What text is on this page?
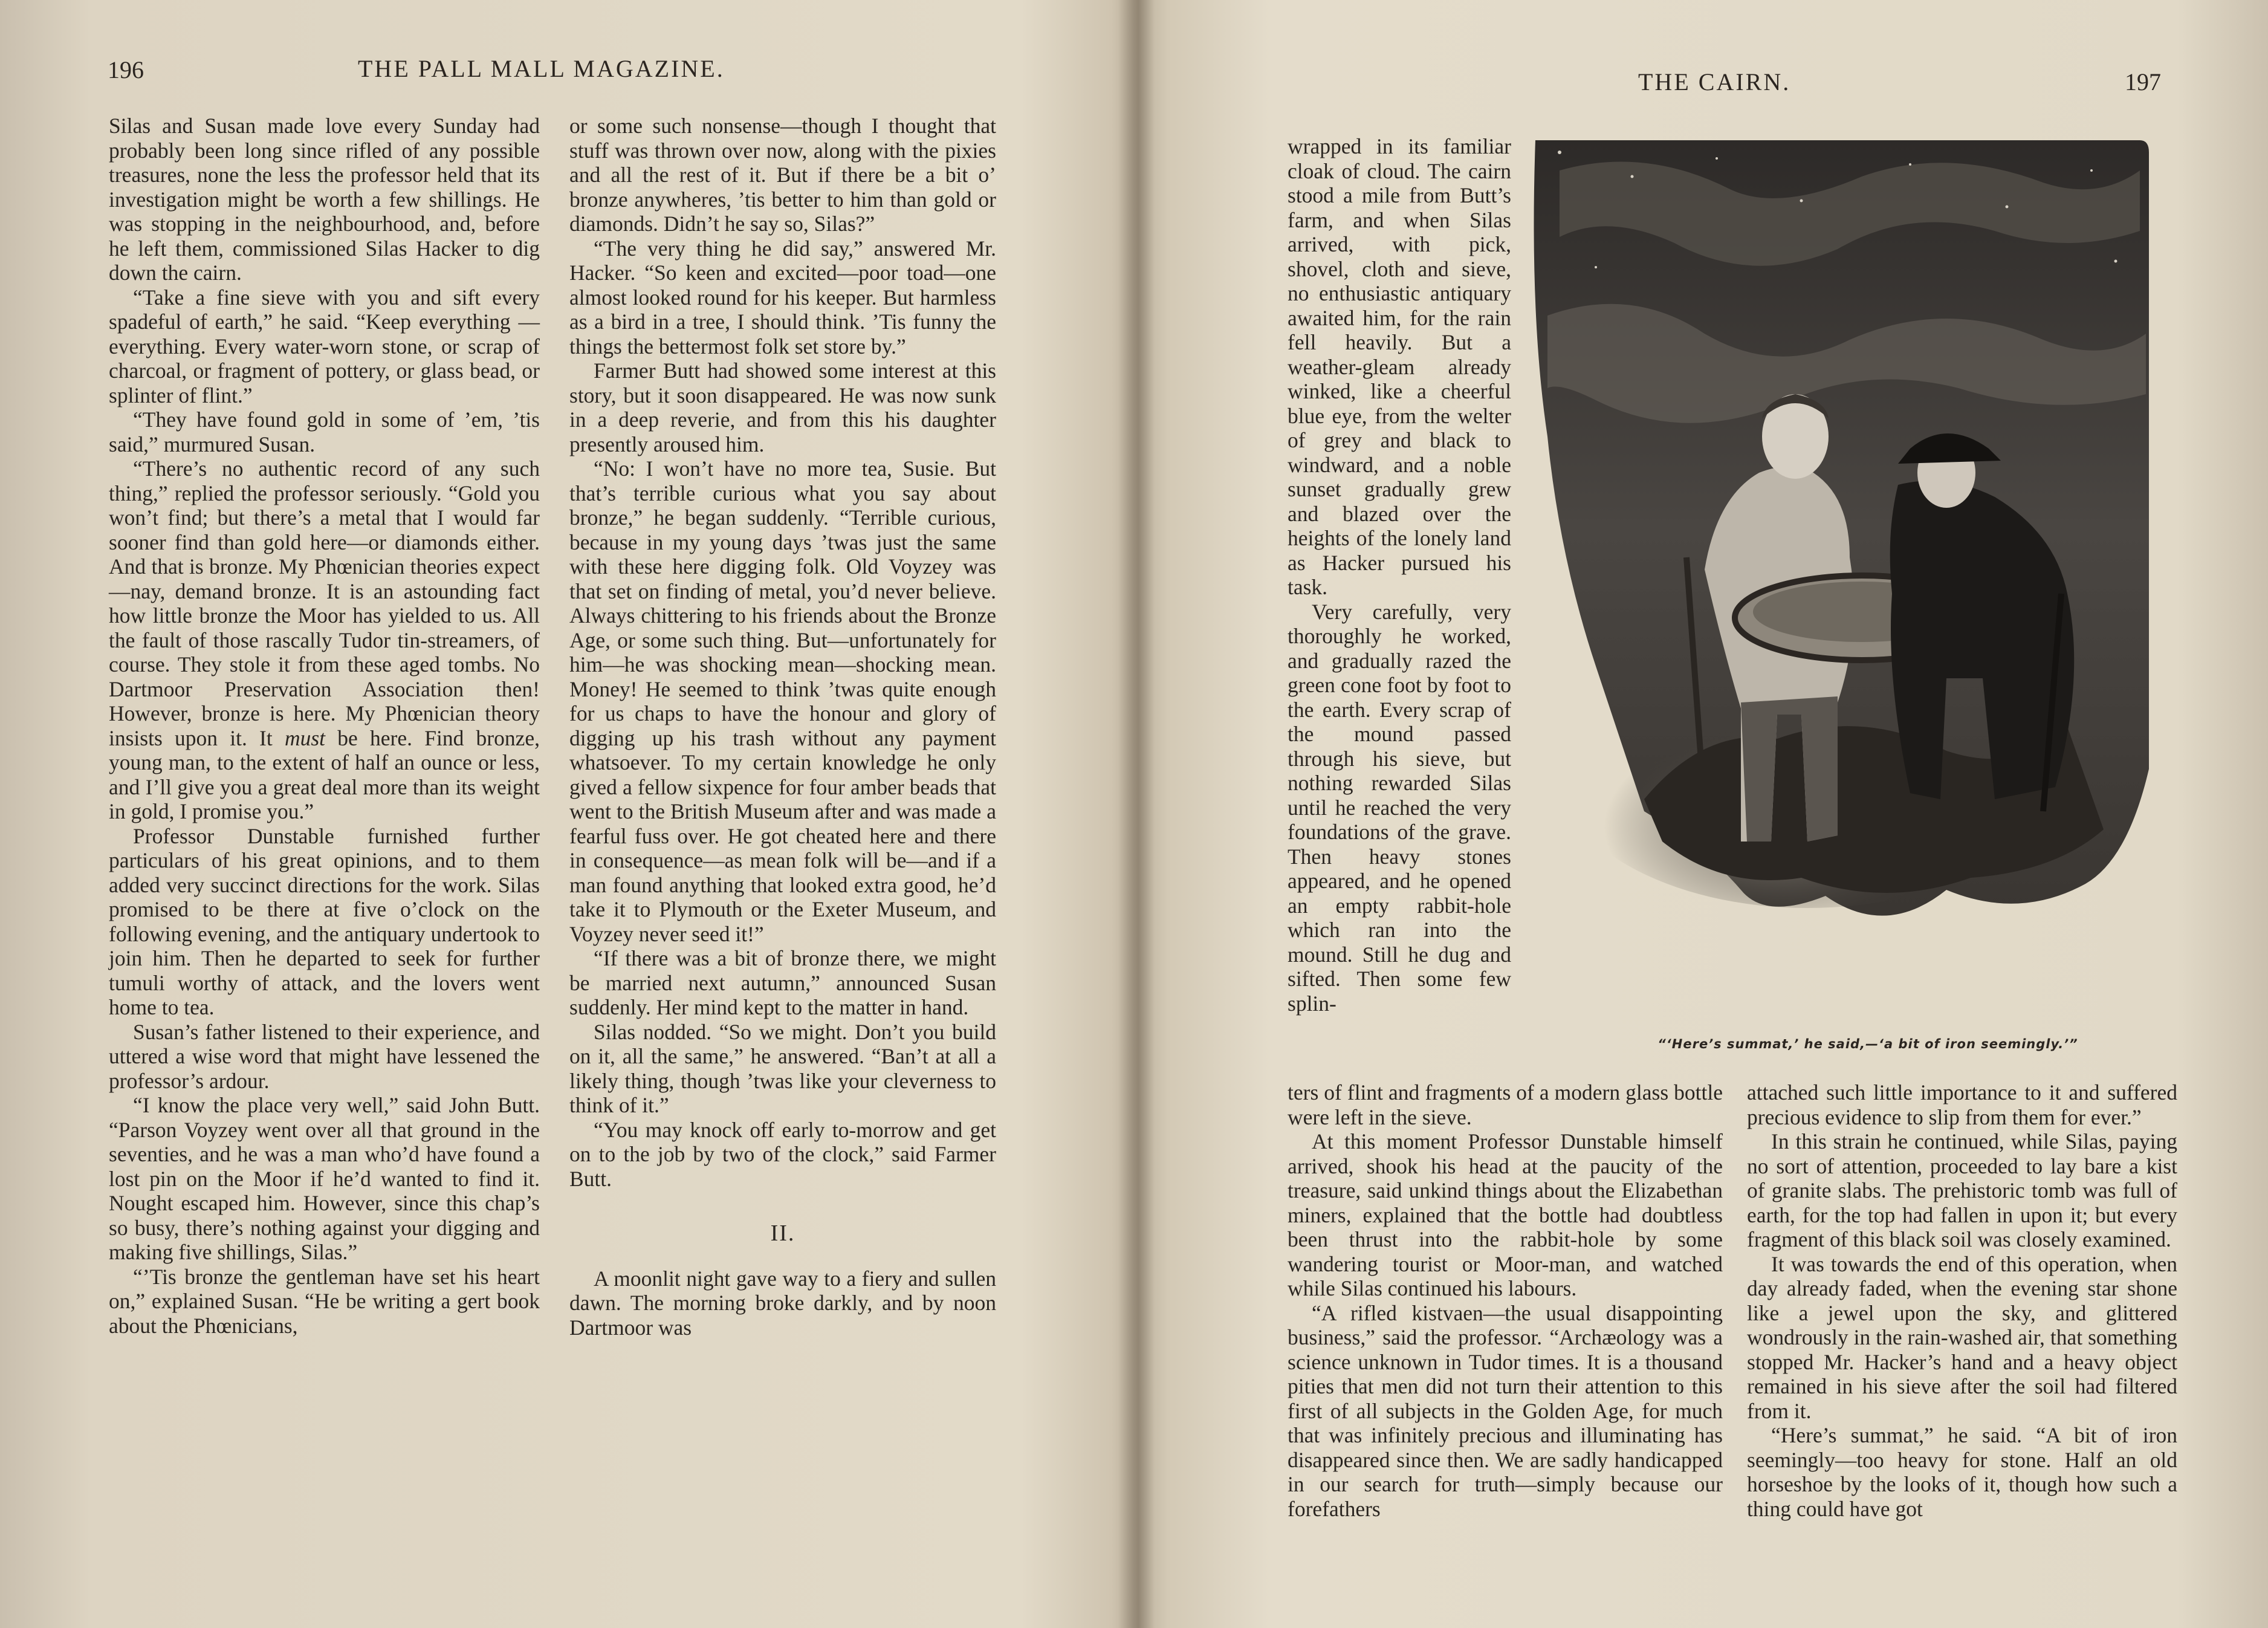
196	THE PALL MALL MAGAZINE.

Silas and Susan made love every Sunday had probably been long since rifled of any possible treasures, none the less the professor held that its investigation might be worth a few shillings. He was stopping in the neighbourhood, and, before he left them, commissioned Silas Hacker to dig down the cairn.

“Take a fine sieve with you and sift every spadeful of earth,” he said. “Keep everything — everything. Every water-worn stone, or scrap of charcoal, or fragment of pottery, or glass bead, or splinter of flint.”

“They have found gold in some of ’em, ’tis said,” murmured Susan.

“There’s no authentic record of any such thing,” replied the professor seriously. “Gold you won’t find; but there’s a metal that I would far sooner find than gold here—or diamonds either. And that is bronze. My Phœnician theories expect—nay, demand bronze. It is an astounding fact how little bronze the Moor has yielded to us. All the fault of those rascally Tudor tin-streamers, of course. They stole it from these aged tombs. No Dartmoor Preservation Association then! However, bronze is here. My Phœnician theory insists upon it. It must be here. Find bronze, young man, to the extent of half an ounce or less, and I’ll give you a great deal more than its weight in gold, I promise you.”

Professor Dunstable furnished further particulars of his great opinions, and to them added very succinct directions for the work. Silas promised to be there at five o’clock on the following evening, and the antiquary undertook to join him. Then he departed to seek for further tumuli worthy of attack, and the lovers went home to tea.

Susan’s father listened to their experience, and uttered a wise word that might have lessened the professor’s ardour.

“I know the place very well,” said John Butt. “Parson Voyzey went over all that ground in the seventies, and he was a man who’d have found a lost pin on the Moor if he’d wanted to find it. Nought escaped him. However, since this chap’s so busy, there’s nothing against your digging and making five shillings, Silas.”

“’Tis bronze the gentleman have set his heart on,” explained Susan. “He be writing a gert book about the Phœnicians,

or some such nonsense—though I thought that stuff was thrown over now, along with the pixies and all the rest of it. But if there be a bit o’ bronze anywheres, ’tis better to him than gold or diamonds. Didn’t he say so, Silas?”

“The very thing he did say,” answered Mr. Hacker. “So keen and excited—poor toad—one almost looked round for his keeper. But harmless as a bird in a tree, I should think. ’Tis funny the things the bettermost folk set store by.”

Farmer Butt had showed some interest at this story, but it soon disappeared. He was now sunk in a deep reverie, and from this his daughter presently aroused him.

“No: I won’t have no more tea, Susie. But that’s terrible curious what you say about bronze,” he began suddenly. “Terrible curious, because in my young days ’twas just the same with these here digging folk. Old Voyzey was that set on finding of metal, you’d never believe. Always chittering to his friends about the Bronze Age, or some such thing. But—unfortunately for him—he was shocking mean—shocking mean. Money! He seemed to think ’twas quite enough for us chaps to have the honour and glory of digging up his trash without any payment whatsoever. To my certain knowledge he only gived a fellow sixpence for four amber beads that went to the British Museum after and was made a fearful fuss over. He got cheated here and there in consequence—as mean folk will be—and if a man found anything that looked extra good, he’d take it to Plymouth or the Exeter Museum, and Voyzey never seed it!”

“If there was a bit of bronze there, we might be married next autumn,” announced Susan suddenly. Her mind kept to the matter in hand.

Silas nodded. “So we might. Don’t you build on it, all the same,” he answered. “Ban’t at all a likely thing, though ’twas like your cleverness to think of it.”

“You may knock off early to-morrow and get on to the job by two of the clock,” said Farmer Butt.

II.

A moonlit night gave way to a fiery and sullen dawn. The morning broke darkly, and by noon Dartmoor was

THE CAIRN.	197

wrapped in its familiar cloak of cloud. The cairn stood a mile from Butt’s farm, and when Silas arrived, with pick, shovel, cloth and sieve, no enthusiastic antiquary awaited him, for the rain fell heavily. But a weather-gleam already winked, like a cheerful blue eye, from the welter of grey and black to windward, and a noble sunset gradually grew and blazed over the heights of the lonely land as Hacker pursued his task.

Very carefully, very thoroughly he worked, and gradually razed the green cone foot by foot to the earth. Every scrap of the mound passed through his sieve, but nothing rewarded Silas until he reached the very foundations of the grave. Then heavy stones appeared, and he opened an empty rabbit-hole which ran into the mound. Still he dug and sifted. Then some few splin-

“‘Here’s summat,’ he said,—‘a bit of iron seemingly.’”

ters of flint and fragments of a modern glass bottle were left in the sieve.

At this moment Professor Dunstable himself arrived, shook his head at the paucity of the treasure, said unkind things about the Elizabethan miners, explained that the bottle had doubtless been thrust into the rabbit-hole by some wandering tourist or Moor-man, and watched while Silas continued his labours.

“A rifled kistvaen—the usual disappointing business,” said the professor. “Archæology was a science unknown in Tudor times. It is a thousand pities that men did not turn their attention to this first of all subjects in the Golden Age, for much that was infinitely precious and illuminating has disappeared since then. We are sadly handicapped in our search for truth—simply because our forefathers

attached such little importance to it and suffered precious evidence to slip from them for ever.”

In this strain he continued, while Silas, paying no sort of attention, proceeded to lay bare a kist of granite slabs. The prehistoric tomb was full of earth, for the top had fallen in upon it; but every fragment of this black soil was closely examined.

It was towards the end of this operation, when day already faded, when the evening star shone like a jewel upon the sky, and glittered wondrously in the rain-washed air, that something stopped Mr. Hacker’s hand and a heavy object remained in his sieve after the soil had filtered from it.

“Here’s summat,” he said. “A bit of iron seemingly—too heavy for stone. Half an old horseshoe by the looks of it, though how such a thing could have got
